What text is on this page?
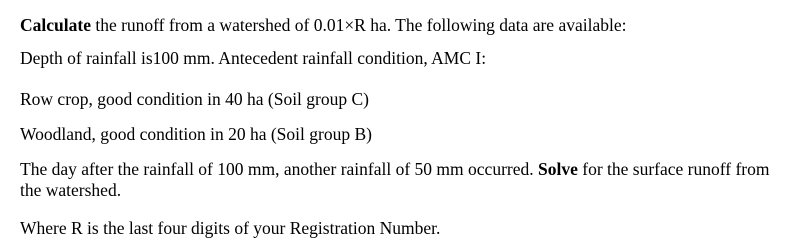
Calculate the runoff from a watershed of 0.01×R ha. The following data are available:

Depth of rainfall is100 mm. Antecedent rainfall condition, AMC I:

Row crop, good condition in 40 ha (Soil group C)

Woodland, good condition in 20 ha (Soil group B)

The day after the rainfall of 100 mm, another rainfall of 50 mm occurred. Solve for the surface runoff from the watershed.

Where R is the last four digits of your Registration Number.
